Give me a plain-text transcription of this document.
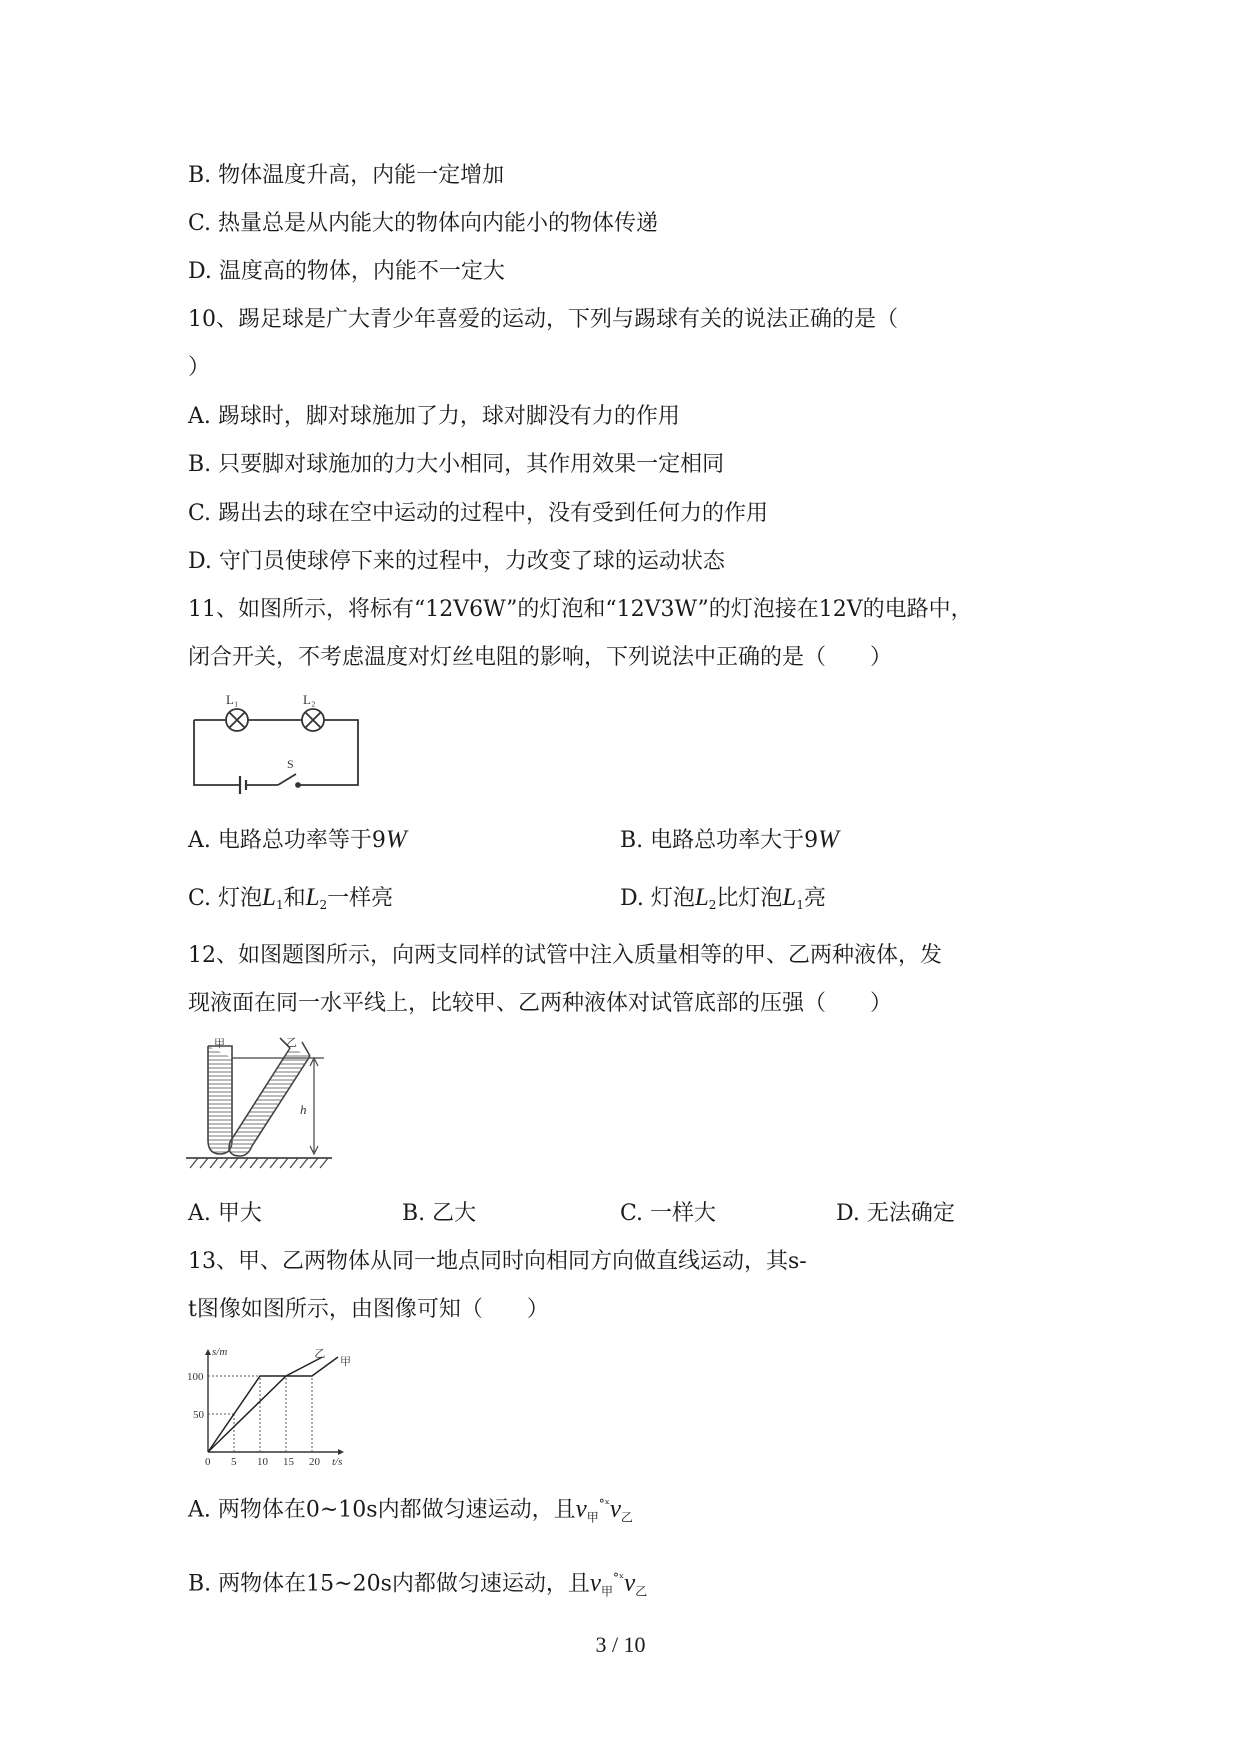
B. 物体温度升高，内能一定增加
C. 热量总是从内能大的物体向内能小的物体传递
D. 温度高的物体，内能不一定大
10、踢足球是广大青少年喜爱的运动，下列与踢球有关的说法正确的是（
）
A. 踢球时，脚对球施加了力，球对脚没有力的作用
B. 只要脚对球施加的力大小相同，其作用效果一定相同
C. 踢出去的球在空中运动的过程中，没有受到任何力的作用
D. 守门员使球停下来的过程中，力改变了球的运动状态
11、如图所示，将标有“12V6W”的灯泡和“12V3W”的灯泡接在12V的电路中，
闭合开关，不考虑温度对灯丝电阻的影响，下列说法中正确的是（　　）
L₁	L₂
S
A. 电路总功率等于9W	B. 电路总功率大于9W
C. 灯泡$L_1$和$L_2$一样亮	D. 灯泡$L_2$比灯泡$L_1$亮
12、如图题图所示，向两支同样的试管中注入质量相等的甲、乙两种液体，发
现液面在同一水平线上，比较甲、乙两种液体对试管底部的压强（　　）
甲	乙
h
A. 甲大	B. 乙大	C. 一样大	D. 无法确定
13、甲、乙两物体从同一地点同时向相同方向做直线运动，其s-
t图像如图所示，由图像可知（　　）
0 5 10 15 20
50
100
甲
乙
s/m
t/s
A. 两物体在0~10s内都做匀速运动，且$v_甲^{^\circ ˣ}v_乙$
B. 两物体在15~20s内都做匀速运动，且$v_甲^{^\circ ˣ}v_乙$
3 / 10
